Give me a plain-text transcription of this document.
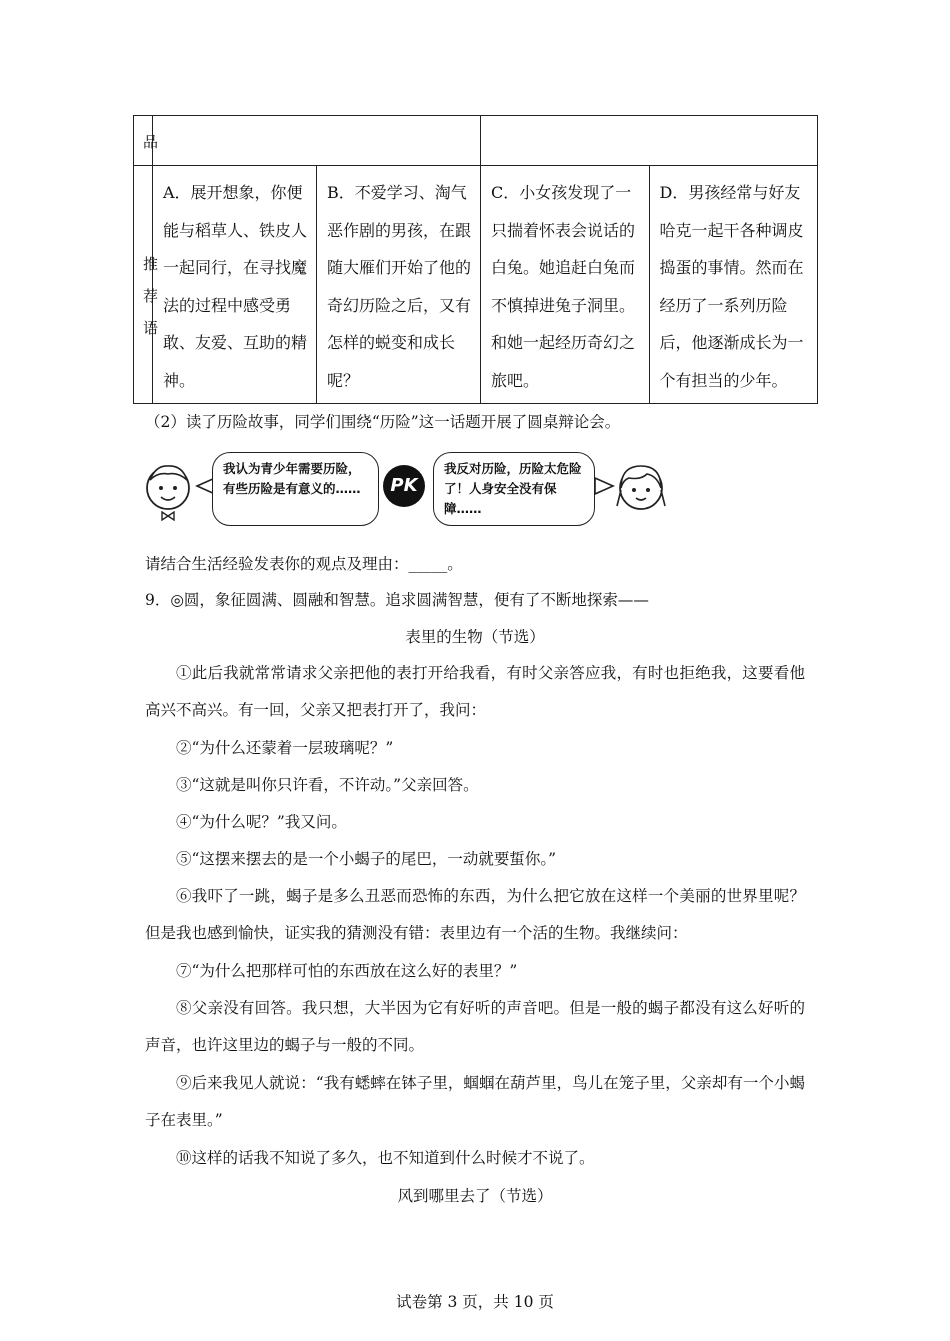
品				

推
荐
语	A．展开想象，你便能与稻草人、铁皮人一起同行，在寻找魔法的过程中感受勇敢、友爱、互助的精神。	B．不爱学习、淘气恶作剧的男孩，在跟随大雁们开始了他的奇幻历险之后，又有怎样的蜕变和成长呢？	C．小女孩发现了一只揣着怀表会说话的白兔。她追赶白兔而不慎掉进兔子洞里。和她一起经历奇幻之旅吧。	D．男孩经常与好友哈克一起干各种调皮捣蛋的事情。然而在经历了一系列历险后，他逐渐成长为一个有担当的少年。
（2）读了历险故事，同学们围绕“历险”这一话题开展了圆桌辩论会。
我认为青少年需要历险，有些历险是有意义的……	PK
我反对历险，历险太危险了！人身安全没有保障……
请结合生活经验发表你的观点及理由：_____。
9．◎圆，象征圆满、圆融和智慧。追求圆满智慧，便有了不断地探索——
表里的生物（节选）
①此后我就常常请求父亲把他的表打开给我看，有时父亲答应我，有时也拒绝我，这要看他高兴不高兴。有一回，父亲又把表打开了，我问：
②“为什么还蒙着一层玻璃呢？”
③“这就是叫你只许看，不许动。”父亲回答。
④“为什么呢？”我又问。
⑤“这摆来摆去的是一个小蝎子的尾巴，一动就要蜇你。”
⑥我吓了一跳，蝎子是多么丑恶而恐怖的东西，为什么把它放在这样一个美丽的世界里呢？但是我也感到愉快，证实我的猜测没有错：表里边有一个活的生物。我继续问：
⑦“为什么把那样可怕的东西放在这么好的表里？”
⑧父亲没有回答。我只想，大半因为它有好听的声音吧。但是一般的蝎子都没有这么好听的声音，也许这里边的蝎子与一般的不同。
⑨后来我见人就说：“我有蟋蟀在钵子里，蝈蝈在葫芦里，鸟儿在笼子里，父亲却有一个小蝎子在表里。”
⑩这样的话我不知说了多久，也不知道到什么时候才不说了。
风到哪里去了（节选）
试卷第 3 页，共 10 页
